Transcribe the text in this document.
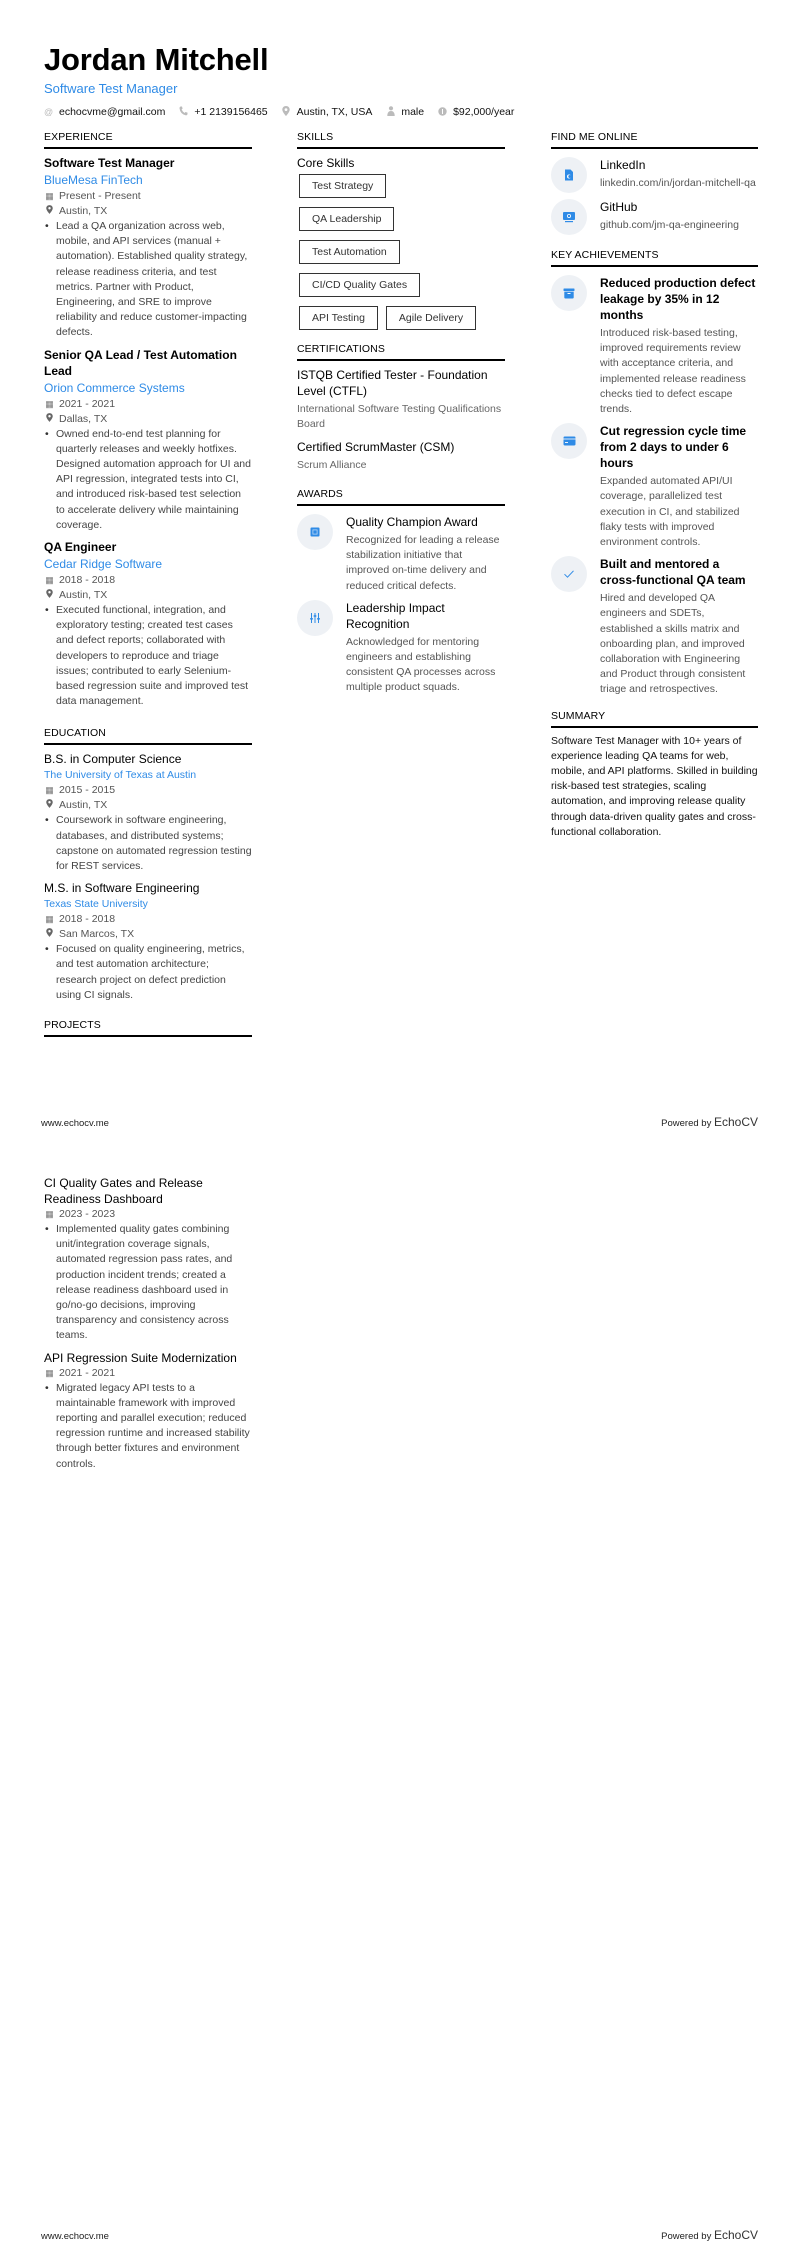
Jordan Mitchell
Software Test Manager
@ echocvme@gmail.com	+1 2139156465	Austin, TX, USA	male	$92,000/year
EXPERIENCE
Software Test Manager
BlueMesa FinTech
▦ Present - Present
Austin, TX
• Lead a QA organization across web, mobile, and API services (manual + automation). Established quality strategy, release readiness criteria, and test metrics. Partner with Product, Engineering, and SRE to improve reliability and reduce customer-impacting defects.
Senior QA Lead / Test Automation Lead
Orion Commerce Systems
▦ 2021 - 2021
Dallas, TX
• Owned end-to-end test planning for quarterly releases and weekly hotfixes. Designed automation approach for UI and API regression, integrated tests into CI, and introduced risk-based test selection to accelerate delivery while maintaining coverage.
QA Engineer
Cedar Ridge Software
▦ 2018 - 2018
Austin, TX
• Executed functional, integration, and exploratory testing; created test cases and defect reports; collaborated with developers to reproduce and triage issues; contributed to early Selenium-based regression suite and improved test data management.
EDUCATION
B.S. in Computer Science
The University of Texas at Austin
▦ 2015 - 2015
Austin, TX
• Coursework in software engineering, databases, and distributed systems; capstone on automated regression testing for REST services.
M.S. in Software Engineering
Texas State University
▦ 2018 - 2018
San Marcos, TX
• Focused on quality engineering, metrics, and test automation architecture; research project on defect prediction using CI signals.
PROJECTS
SKILLS
Core Skills
Test Strategy
QA Leadership
Test Automation
CI/CD Quality Gates
API Testing	Agile Delivery
CERTIFICATIONS
ISTQB Certified Tester - Foundation Level (CTFL)
International Software Testing Qualifications Board
Certified ScrumMaster (CSM)
Scrum Alliance
AWARDS
Quality Champion Award
Recognized for leading a release stabilization initiative that improved on-time delivery and reduced critical defects.
Leadership Impact Recognition
Acknowledged for mentoring engineers and establishing consistent QA processes across multiple product squads.
FIND ME ONLINE
LinkedIn
linkedin.com/in/jordan-mitchell-qa
GitHub
github.com/jm-qa-engineering
KEY ACHIEVEMENTS
Reduced production defect leakage by 35% in 12 months
Introduced risk-based testing, improved requirements review with acceptance criteria, and implemented release readiness checks tied to defect escape trends.
Cut regression cycle time from 2 days to under 6 hours
Expanded automated API/UI coverage, parallelized test execution in CI, and stabilized flaky tests with improved environment controls.
Built and mentored a cross-functional QA team
Hired and developed QA engineers and SDETs, established a skills matrix and onboarding plan, and improved collaboration with Engineering and Product through consistent triage and retrospectives.
SUMMARY
Software Test Manager with 10+ years of experience leading QA teams for web, mobile, and API platforms. Skilled in building risk-based test strategies, scaling automation, and improving release quality through data-driven quality gates and cross-functional collaboration.
www.echocv.me	Powered by EchoCV
CI Quality Gates and Release Readiness Dashboard
▦ 2023 - 2023
• Implemented quality gates combining unit/integration coverage signals, automated regression pass rates, and production incident trends; created a release readiness dashboard used in go/no-go decisions, improving transparency and consistency across teams.
API Regression Suite Modernization
▦ 2021 - 2021
• Migrated legacy API tests to a maintainable framework with improved reporting and parallel execution; reduced regression runtime and increased stability through better fixtures and environment controls.
www.echocv.me	Powered by EchoCV
